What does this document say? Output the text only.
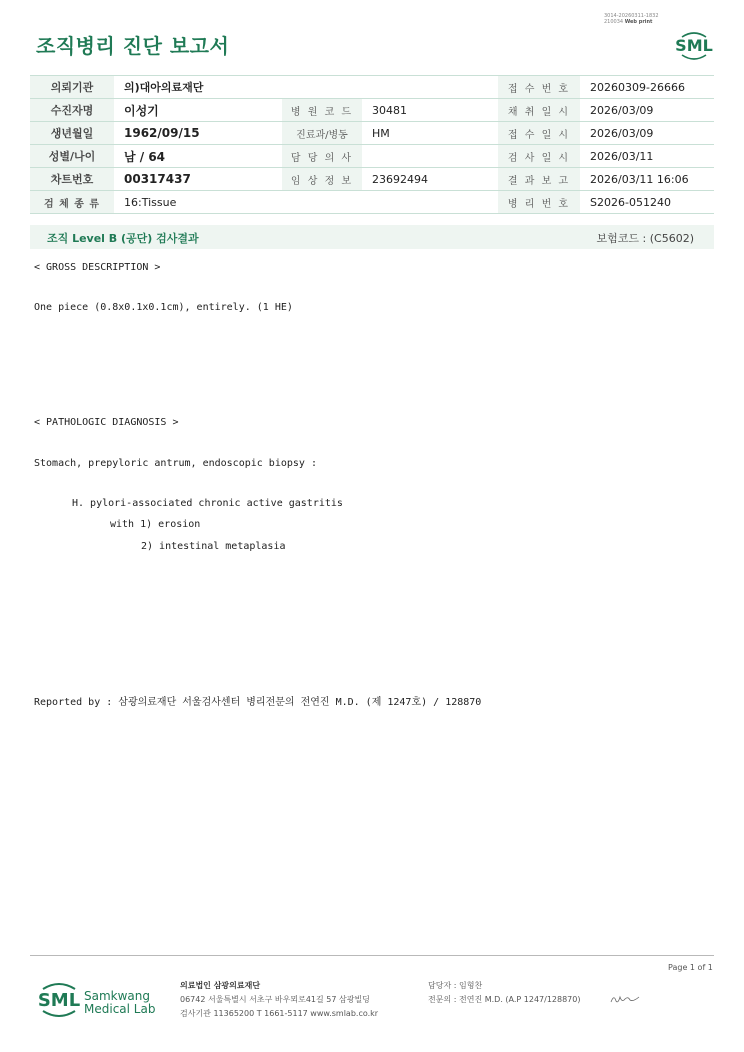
조직병리 진단 보고서
3014-20260311-1832
210034 Web print
SML
의뢰기관	의)대아의료재단			접 수 번 호	20260309-26666
수진자명	이성기	병 원 코 드	30481	채 취 일 시	2026/03/09
생년월일	1962/09/15	진료과/병동	HM	접 수 일 시	2026/03/09
성별/나이	남 / 64	담 당 의 사		검 사 일 시	2026/03/11
차트번호	00317437	임 상 정 보	23692494	결 과 보 고	2026/03/11 16:06
검 체 종 류	16:Tissue			병 리 번 호	S2026-051240
조직 Level B (공단) 검사결과	보험코드 : (C5602)
< GROSS DESCRIPTION >
One piece (0.8x0.1x0.1cm), entirely. (1 HE)
< PATHOLOGIC DIAGNOSIS >
Stomach, prepyloric antrum, endoscopic biopsy :
H. pylori-associated chronic active gastritis
with 1) erosion
2) intestinal metaplasia
Reported by : 삼광의료재단 서울검사센터 병리전문의 전연진 M.D. (제 1247호) / 128870
Page 1 of 1
SML Samkwang
Medical Lab
의료법인 삼광의료재단
06742 서울특별시 서초구 바우뫼로41길 57 삼광빌딩
검사기관 11365200 T 1661-5117 www.smlab.co.kr
담당자 : 임형찬
전문의 : 전연진 M.D. (A.P 1247/128870)
